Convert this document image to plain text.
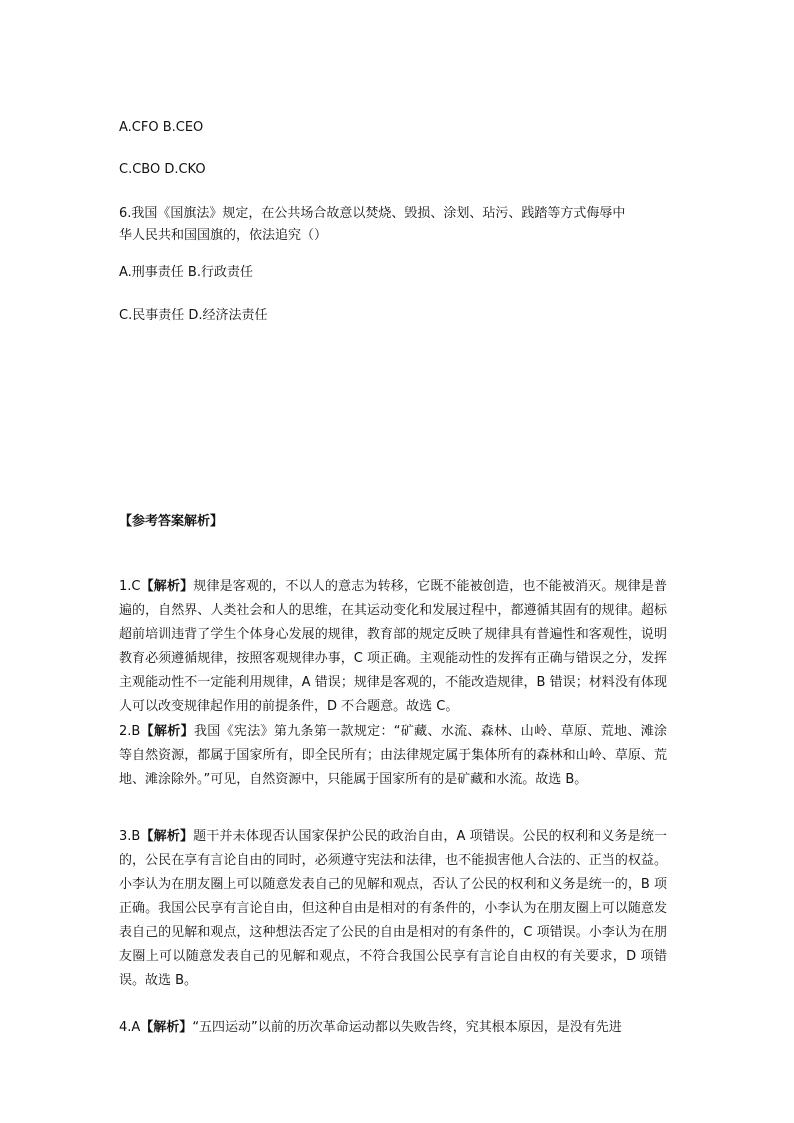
A.CFO B.CEO
C.CBO D.CKO
6.我国《国旗法》规定，在公共场合故意以焚烧、毁损、涂划、玷污、践踏等方式侮辱中
华人民共和国国旗的，依法追究（）
A.刑事责任 B.行政责任
C.民事责任 D.经济法责任
【参考答案解析】
1.C【解析】规律是客观的，不以人的意志为转移，它既不能被创造，也不能被消灭。规律是普遍的，自然界、人类社会和人的思维，在其运动变化和发展过程中，都遵循其固有的规律。超标超前培训违背了学生个体身心发展的规律，教育部的规定反映了规律具有普遍性和客观性，说明教育必须遵循规律，按照客观规律办事，C 项正确。主观能动性的发挥有正确与错误之分，发挥主观能动性不一定能利用规律，A 错误；规律是客观的，不能改造规律，B 错误；材料没有体现人可以改变规律起作用的前提条件，D 不合题意。故选 C。
2.B【解析】我国《宪法》第九条第一款规定：“矿藏、水流、森林、山岭、草原、荒地、滩涂等自然资源，都属于国家所有，即全民所有；由法律规定属于集体所有的森林和山岭、草原、荒地、滩涂除外。”可见，自然资源中，只能属于国家所有的是矿藏和水流。故选 B。
3.B【解析】题干并未体现否认国家保护公民的政治自由，A 项错误。公民的权利和义务是统一的，公民在享有言论自由的同时，必须遵守宪法和法律，也不能损害他人合法的、正当的权益。小李认为在朋友圈上可以随意发表自己的见解和观点，否认了公民的权利和义务是统一的，B 项正确。我国公民享有言论自由，但这种自由是相对的有条件的，小李认为在朋友圈上可以随意发表自己的见解和观点，这种想法否定了公民的自由是相对的有条件的，C 项错误。小李认为在朋友圈上可以随意发表自己的见解和观点，不符合我国公民享有言论自由权的有关要求，D 项错误。故选 B。
4.A【解析】“五四运动”以前的历次革命运动都以失败告终，究其根本原因，是没有先进
